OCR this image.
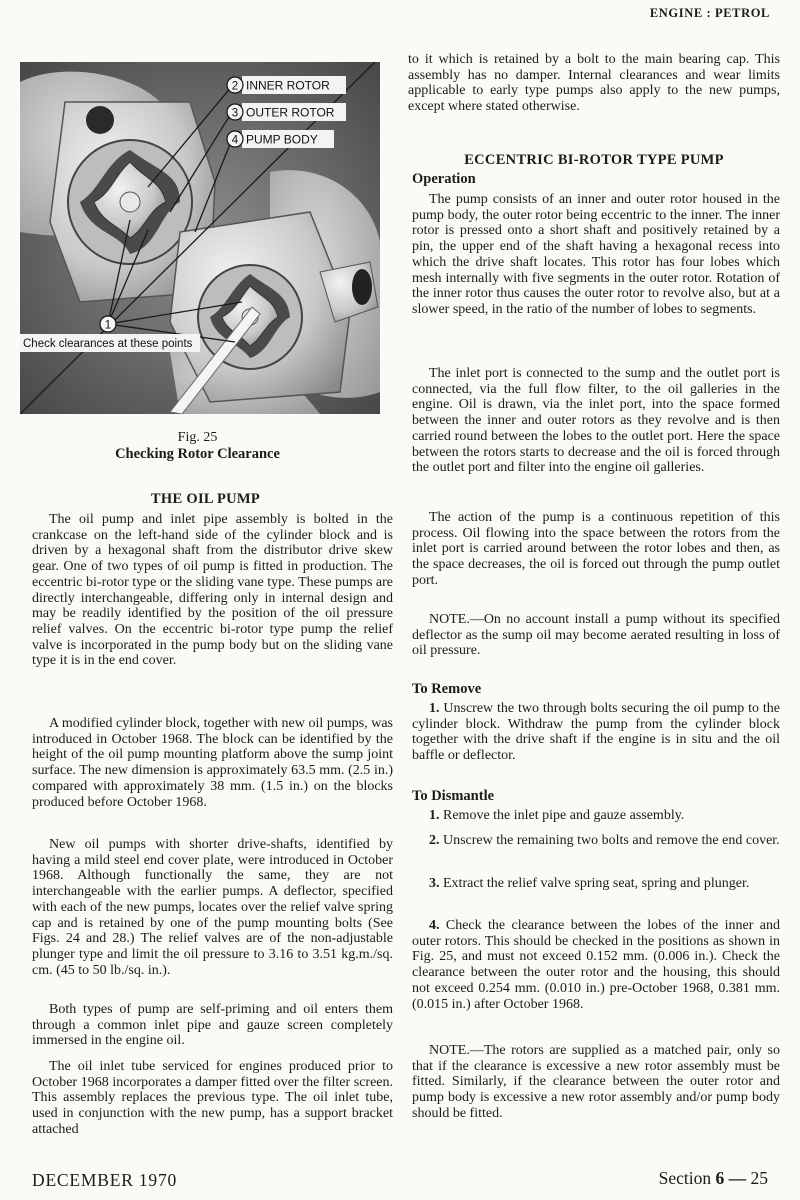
ENGINE : PETROL
2
3
4
1
INNER ROTOR
OUTER ROTOR
PUMP BODY
Check clearances at these points
Fig. 25
Checking Rotor Clearance
THE OIL PUMP

The oil pump and inlet pipe assembly is bolted in the crankcase on the left-hand side of the cylinder block and is driven by a hexagonal shaft from the distributor drive skew gear. One of two types of oil pump is fitted in production. The eccentric bi-rotor type or the sliding vane type. These pumps are directly interchangeable, differing only in internal design and may be readily identified by the position of the oil pressure relief valves. On the eccentric bi-rotor type pump the relief valve is incorporated in the pump body but on the sliding vane type it is in the end cover.

A modified cylinder block, together with new oil pumps, was introduced in October 1968. The block can be identified by the height of the oil pump mounting platform above the sump joint surface. The new dimension is approximately 63.5 mm. (2.5 in.) compared with approximately 38 mm. (1.5 in.) on the blocks produced before October 1968.

New oil pumps with shorter drive-shafts, identified by having a mild steel end cover plate, were introduced in October 1968. Although functionally the same, they are not interchangeable with the earlier pumps. A deflector, specified with each of the new pumps, locates over the relief valve spring cap and is retained by one of the pump mounting bolts (See Figs. 24 and 28.) The relief valves are of the non-adjustable plunger type and limit the oil pressure to 3.16 to 3.51 kg.m./sq. cm. (45 to 50 lb./sq. in.).

Both types of pump are self-priming and oil enters them through a common inlet pipe and gauze screen completely immersed in the engine oil.

The oil inlet tube serviced for engines produced prior to October 1968 incorporates a damper fitted over the filter screen. This assembly replaces the previous type. The oil inlet tube, used in conjunction with the new pump, has a support bracket attached

to it which is retained by a bolt to the main bearing cap. This assembly has no damper. Internal clearances and wear limits applicable to early type pumps also apply to the new pumps, except where stated otherwise.

ECCENTRIC BI-ROTOR TYPE PUMP
Operation

The pump consists of an inner and outer rotor housed in the pump body, the outer rotor being eccentric to the inner. The inner rotor is pressed onto a short shaft and positively retained by a pin, the upper end of the shaft having a hexagonal recess into which the drive shaft locates. This rotor has four lobes which mesh internally with five segments in the outer rotor. Rotation of the inner rotor thus causes the outer rotor to revolve also, but at a slower speed, in the ratio of the number of lobes to segments.

The inlet port is connected to the sump and the outlet port is connected, via the full flow filter, to the oil galleries in the engine. Oil is drawn, via the inlet port, into the space formed between the inner and outer rotors as they revolve and is then carried round between the lobes to the outlet port. Here the space between the rotors starts to decrease and the oil is forced through the outlet port and filter into the engine oil galleries.

The action of the pump is a continuous repetition of this process. Oil flowing into the space between the rotors from the inlet port is carried around between the rotor lobes and then, as the space decreases, the oil is forced out through the pump outlet port.

NOTE.—On no account install a pump without its specified deflector as the sump oil may become aerated resulting in loss of oil pressure.

To Remove

1. Unscrew the two through bolts securing the oil pump to the cylinder block. Withdraw the pump from the cylinder block together with the drive shaft if the engine is in situ and the oil baffle or deflector.

To Dismantle

1. Remove the inlet pipe and gauze assembly.

2. Unscrew the remaining two bolts and remove the end cover.

3. Extract the relief valve spring seat, spring and plunger.

4. Check the clearance between the lobes of the inner and outer rotors. This should be checked in the positions as shown in Fig. 25, and must not exceed 0.152 mm. (0.006 in.). Check the clearance between the outer rotor and the housing, this should not exceed 0.254 mm. (0.010 in.) pre-October 1968, 0.381 mm. (0.015 in.) after October 1968.

NOTE.—The rotors are supplied as a matched pair, only so that if the clearance is excessive a new rotor assembly must be fitted. Similarly, if the clearance between the outer rotor and pump body is excessive a new rotor assembly and/or pump body should be fitted.

DECEMBER 1970	Section 6 — 25
